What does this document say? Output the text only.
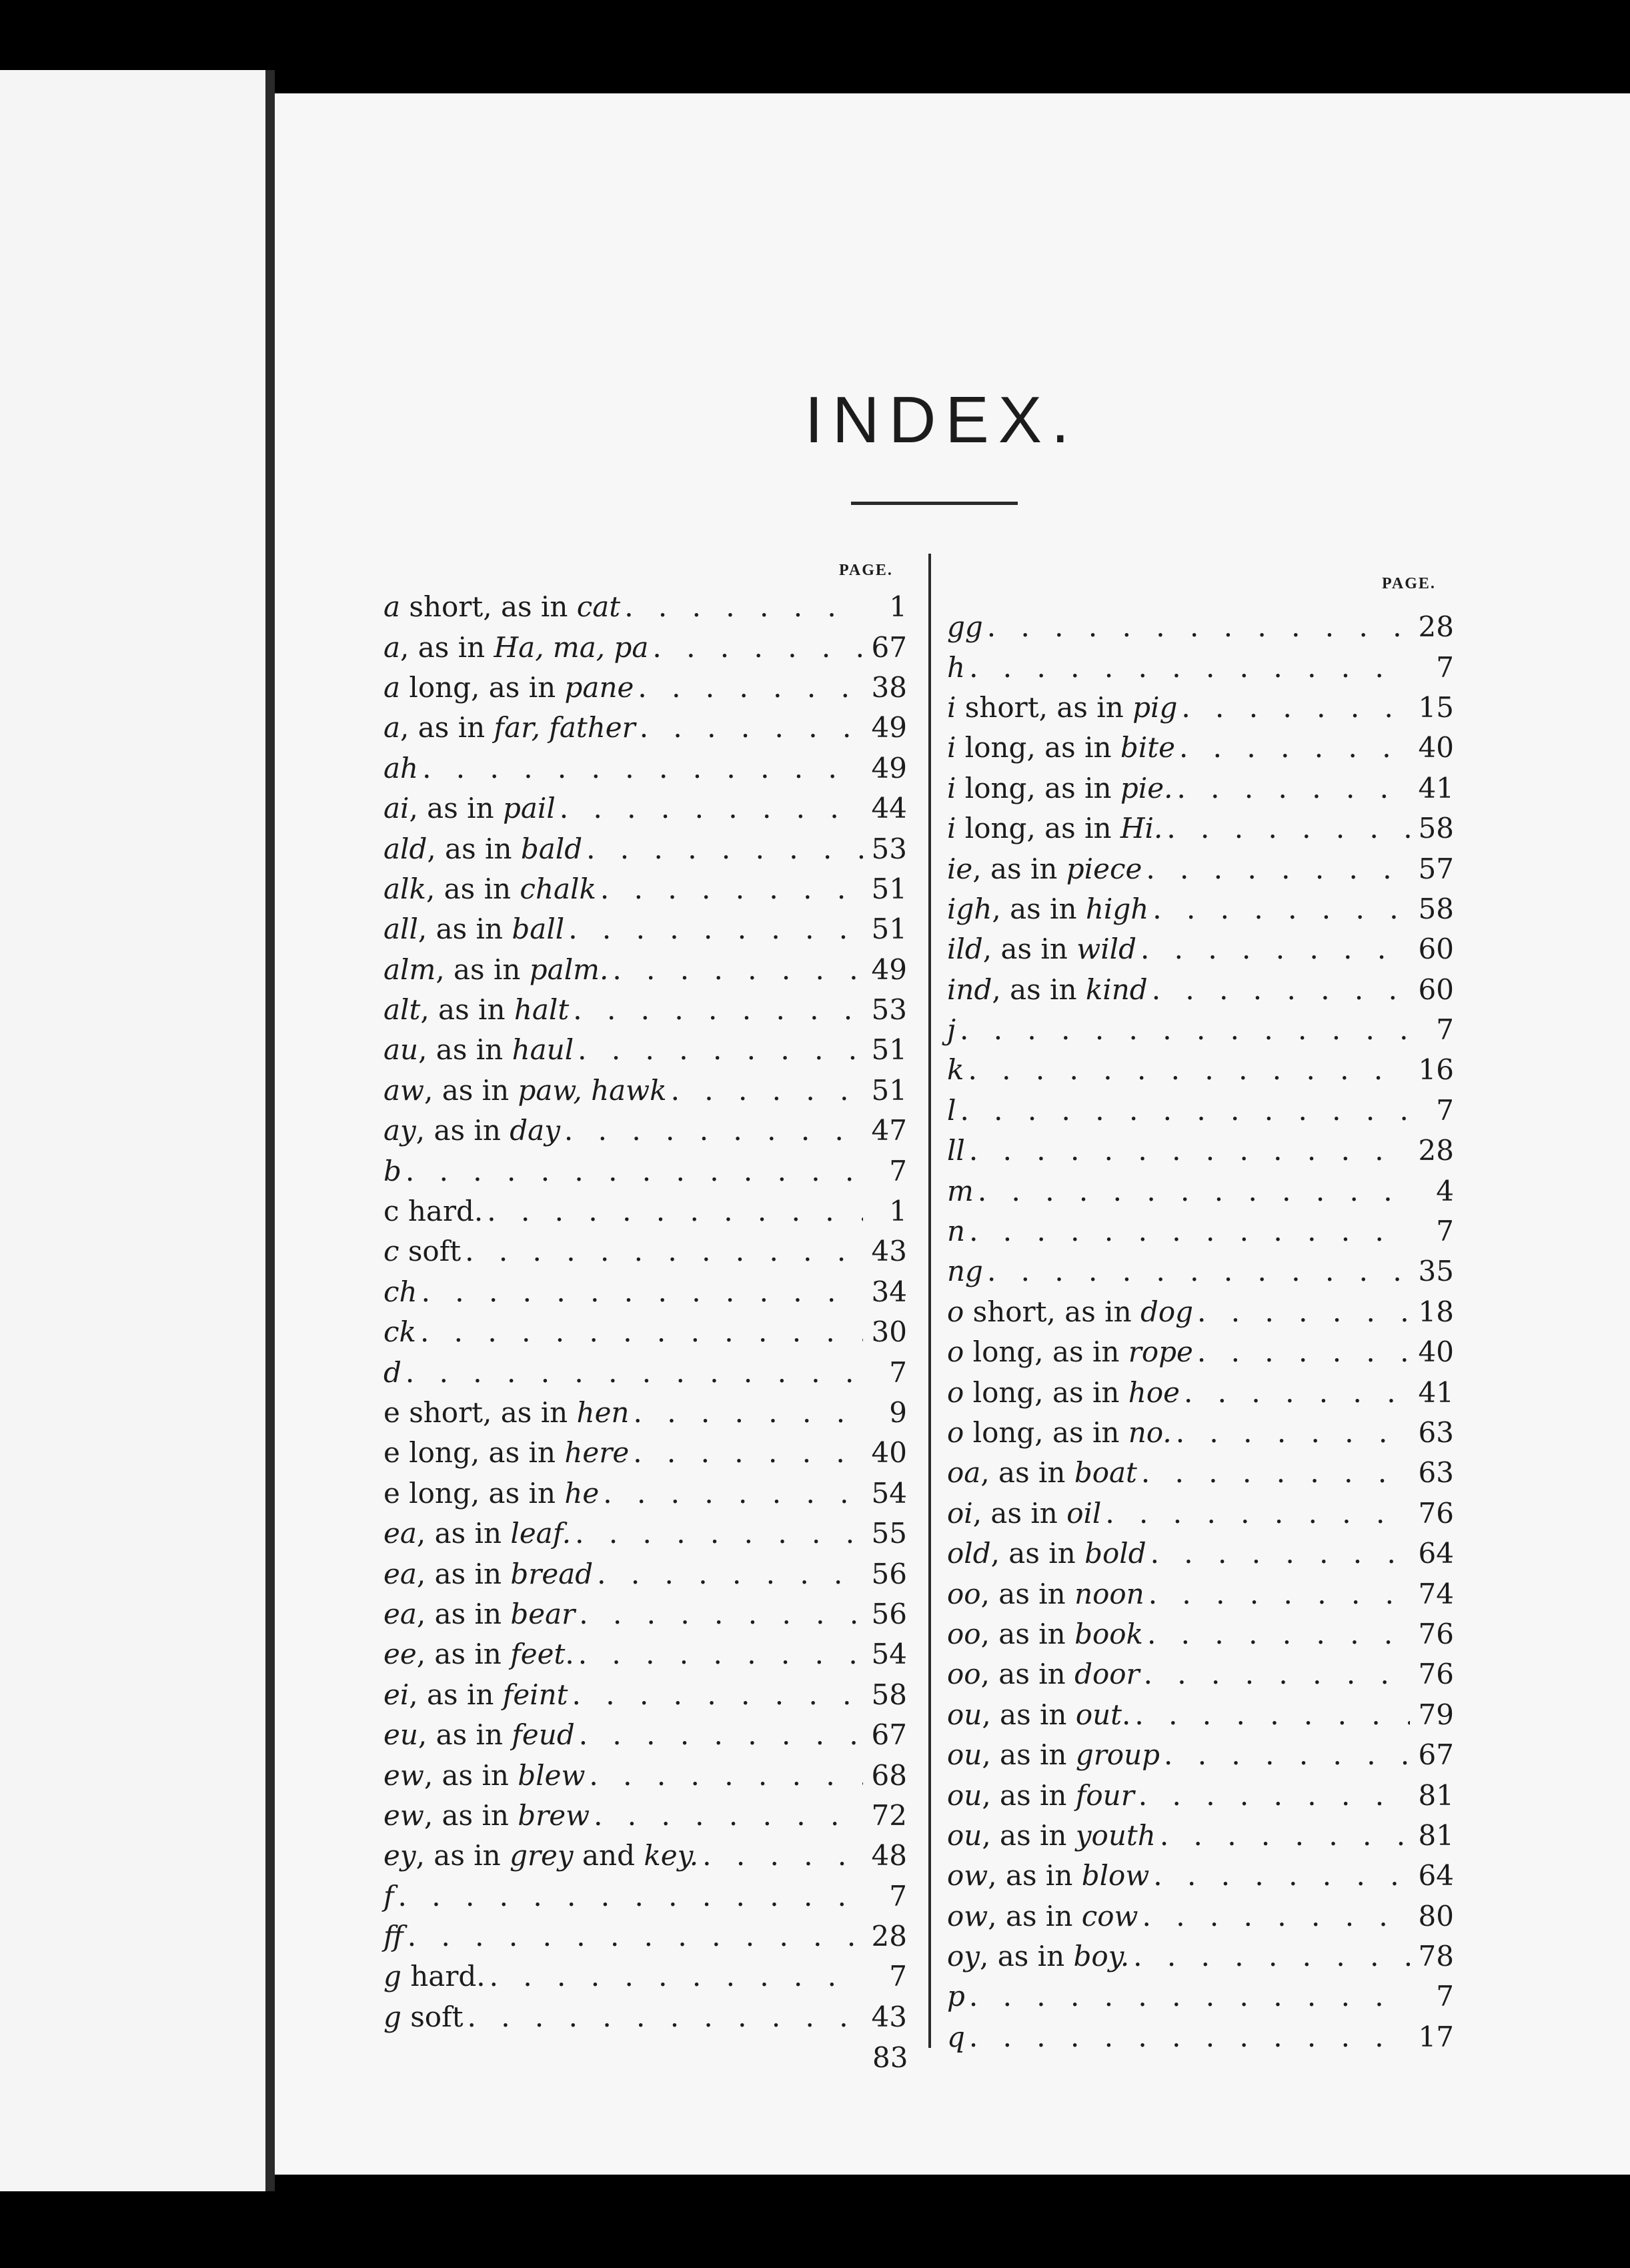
INDEX.
PAGE.
PAGE.
a short, as in cat . . .	1
a, as in Ha, ma, pa . . .	67
a long, as in pane . . .	38
a, as in far, father . . .	49
ah . . .	49
ai, as in pail . . .	44
ald, as in bald . . .	53
alk, as in chalk . . .	51
all, as in ball . . .	51
alm, as in palm. . . .	49
alt, as in halt . . .	53
au, as in haul . . .	51
aw, as in paw, hawk . . .	51
ay, as in day . . .	47
b . . .	7
c hard. . . .	1
c soft . . .	43
ch . . .	34
ck . . .	30
d . . .	7
e short, as in hen . . .	9
e long, as in here . . .	40
e long, as in he . . .	54
ea, as in leaf. . . .	55
ea, as in bread . . .	56
ea, as in bear . . .	56
ee, as in feet. . . .	54
ei, as in feint . . .	58
eu, as in feud . . .	67
ew, as in blew . . .	68
ew, as in brew . . .	72
ey, as in grey and key. . . .	48
f . . .	7
ff . . .	28
g hard. . . .	7
g soft . . .	43
gg . . .	28
h . . .	7
i short, as in pig . . .	15
i long, as in bite . . .	40
i long, as in pie. . . .	41
i long, as in Hi. . . .	58
ie, as in piece . . .	57
igh, as in high . . .	58
ild, as in wild . . .	60
ind, as in kind . . .	60
j . . .	7
k . . .	16
l . . .	7
ll . . .	28
m . . .	4
n . . .	7
ng . . .	35
o short, as in dog . . .	18
o long, as in rope . . .	40
o long, as in hoe . . .	41
o long, as in no. . . .	63
oa, as in boat . . .	63
oi, as in oil . . .	76
old, as in bold . . .	64
oo, as in noon . . .	74
oo, as in book . . .	76
oo, as in door . . .	76
ou, as in out. . . .	79
ou, as in group . . .	67
ou, as in four . . .	81
ou, as in youth . . .	81
ow, as in blow . . .	64
ow, as in cow . . .	80
oy, as in boy. . . .	78
p . . .	7
q . . .	17
83
